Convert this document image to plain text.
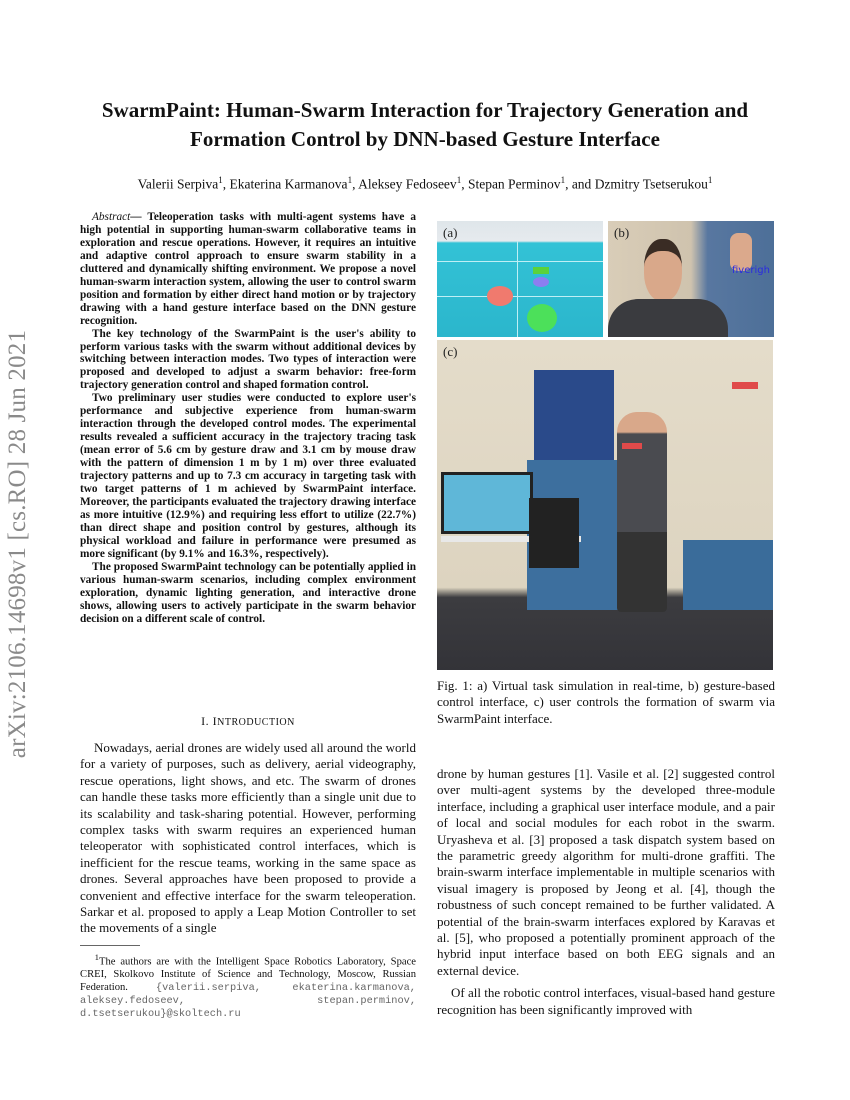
arXiv:2106.14698v1 [cs.RO] 28 Jun 2021
SwarmPaint: Human-Swarm Interaction for Trajectory Generation and Formation Control by DNN-based Gesture Interface
Valerii Serpiva$^1$, Ekaterina Karmanova$^1$, Aleksey Fedoseev$^1$, Stepan Perminov$^1$, and Dzmitry Tsetserukou$^1$

Abstract— Teleoperation tasks with multi-agent systems have a high potential in supporting human-swarm collaborative teams in exploration and rescue operations. However, it requires an intuitive and adaptive control approach to ensure swarm stability in a cluttered and dynamically shifting environment. We propose a novel human-swarm interaction system, allowing the user to control swarm position and formation by either direct hand motion or by trajectory drawing with a hand gesture interface based on the DNN gesture recognition.

The key technology of the SwarmPaint is the user's ability to perform various tasks with the swarm without additional devices by switching between interaction modes. Two types of interaction were proposed and developed to adjust a swarm behavior: free-form trajectory generation control and shaped formation control.

Two preliminary user studies were conducted to explore user's performance and subjective experience from human-swarm interaction through the developed control modes. The experimental results revealed a sufficient accuracy in the trajectory tracing task (mean error of 5.6 cm by gesture draw and 3.1 cm by mouse draw with the pattern of dimension 1 m by 1 m) over three evaluated trajectory patterns and up to 7.3 cm accuracy in targeting task with two target patterns of 1 m achieved by SwarmPaint interface. Moreover, the participants evaluated the trajectory drawing interface as more intuitive (12.9%) and requiring less effort to utilize (22.7%) than direct shape and position control by gestures, although its physical workload and failure in performance were presumed as more significant (by 9.1% and 16.3%, respectively).

The proposed SwarmPaint technology can be potentially applied in various human-swarm scenarios, including complex environment exploration, dynamic lighting generation, and interactive drone shows, allowing users to actively participate in the swarm behavior decision on a different scale of control.

I. INTRODUCTION

Nowadays, aerial drones are widely used all around the world for a variety of purposes, such as delivery, aerial videography, rescue operations, light shows, and etc. The swarm of drones can handle these tasks more efficiently than a single unit due to its scalability and task-sharing potential. However, performing complex tasks with swarm requires an experienced human teleoperator with sophisticated control interfaces, which is inefficient for the rescue teams, working in the same space as drones. Several approaches have been proposed to provide a convenient and effective interface for the swarm teleoperation. Sarkar et al. proposed to apply a Leap Motion Controller to set the movements of a single

$^1$The authors are with the Intelligent Space Robotics Laboratory, Space CREI, Skolkovo Institute of Science and Technology, Moscow, Russian Federation. {valerii.serpiva, ekaterina.karmanova, aleksey.fedoseev, stepan.perminov, d.tsetserukou}@skoltech.ru
(a)	(b)
fiverigh
(c)
Fig. 1: a) Virtual task simulation in real-time, b) gesture-based control interface, c) user controls the formation of swarm via SwarmPaint interface.

drone by human gestures [1]. Vasile et al. [2] suggested control over multi-agent systems by the developed three-module interface, including a graphical user interface module, and a pair of local and social modules for each robot in the swarm. Uryasheva et al. [3] proposed a task dispatch system based on the parametric greedy algorithm for multi-drone graffiti. The brain-swarm interface implementable in multiple scenarios with visual imagery is proposed by Jeong et al. [4], though the robustness of such concept remained to be further validated. A potential of the brain-swarm interfaces explored by Karavas et al. [5], who proposed a potentially prominent approach of the hybrid input interface based on both EEG signals and an external device.

Of all the robotic control interfaces, visual-based hand gesture recognition has been significantly improved with
